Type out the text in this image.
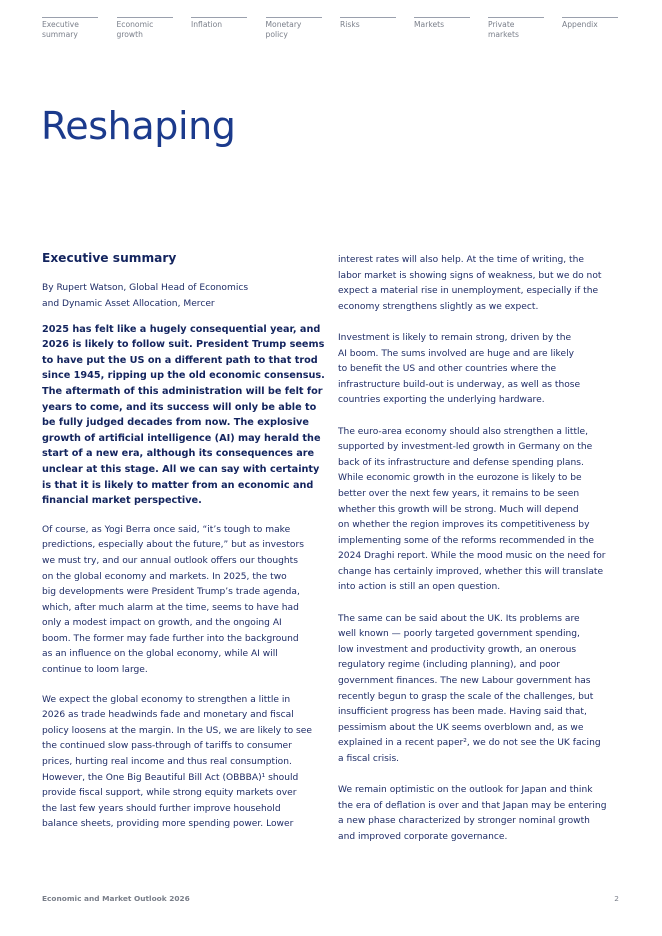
Executive
summary
Economic
growth
Inflation	Monetary
policy
Risks	Markets	Private
markets
Appendix
Reshaping
Executive summary
By Rupert Watson, Global Head of Economics
and Dynamic Asset Allocation, Mercer
2025 has felt like a hugely consequential year, and
2026 is likely to follow suit. President Trump seems
to have put the US on a different path to that trod
since 1945, ripping up the old economic consensus.
The aftermath of this administration will be felt for
years to come, and its success will only be able to
be fully judged decades from now. The explosive
growth of artificial intelligence (AI) may herald the
start of a new era, although its consequences are
unclear at this stage. All we can say with certainty
is that it is likely to matter from an economic and
financial market perspective.
Of course, as Yogi Berra once said, “it’s tough to make
predictions, especially about the future,” but as investors
we must try, and our annual outlook offers our thoughts
on the global economy and markets. In 2025, the two
big developments were President Trump’s trade agenda,
which, after much alarm at the time, seems to have had
only a modest impact on growth, and the ongoing AI
boom. The former may fade further into the background
as an influence on the global economy, while AI will
continue to loom large.
We expect the global economy to strengthen a little in
2026 as trade headwinds fade and monetary and fiscal
policy loosens at the margin. In the US, we are likely to see
the continued slow pass-through of tariffs to consumer
prices, hurting real income and thus real consumption.
However, the One Big Beautiful Bill Act (OBBBA)¹ should
provide fiscal support, while strong equity markets over
the last few years should further improve household
balance sheets, providing more spending power. Lower
interest rates will also help. At the time of writing, the
labor market is showing signs of weakness, but we do not
expect a material rise in unemployment, especially if the
economy strengthens slightly as we expect.
Investment is likely to remain strong, driven by the
AI boom. The sums involved are huge and are likely
to benefit the US and other countries where the
infrastructure build-out is underway, as well as those
countries exporting the underlying hardware.
The euro-area economy should also strengthen a little,
supported by investment-led growth in Germany on the
back of its infrastructure and defense spending plans.
While economic growth in the eurozone is likely to be
better over the next few years, it remains to be seen
whether this growth will be strong. Much will depend
on whether the region improves its competitiveness by
implementing some of the reforms recommended in the
2024 Draghi report. While the mood music on the need for
change has certainly improved, whether this will translate
into action is still an open question.
The same can be said about the UK. Its problems are
well known — poorly targeted government spending,
low investment and productivity growth, an onerous
regulatory regime (including planning), and poor
government finances. The new Labour government has
recently begun to grasp the scale of the challenges, but
insufficient progress has been made. Having said that,
pessimism about the UK seems overblown and, as we
explained in a recent paper², we do not see the UK facing
a fiscal crisis.
We remain optimistic on the outlook for Japan and think
the era of deflation is over and that Japan may be entering
a new phase characterized by stronger nominal growth
and improved corporate governance.
Economic and Market Outlook 2026	2
